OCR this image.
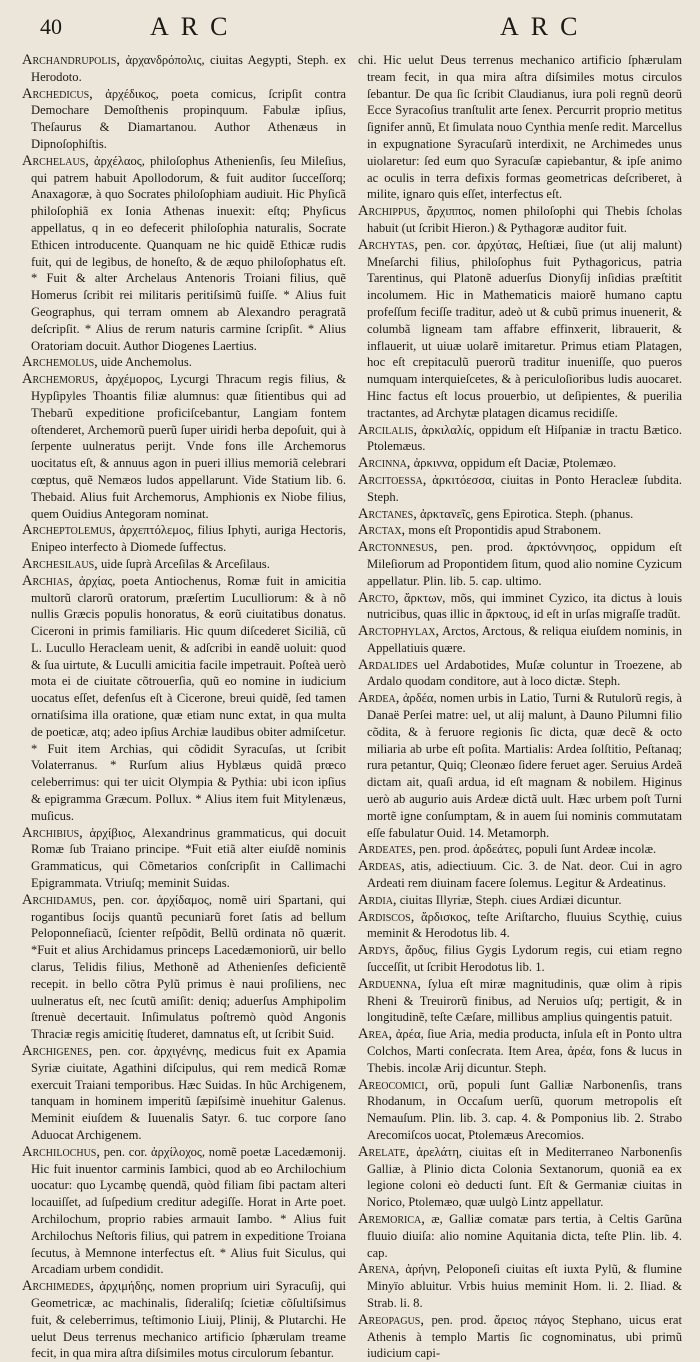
40	ARC	ARC

Archandrupolis, ἀρχανδρόπολις, ciuitas Aegypti, Steph. ex Herodoto.

Archedicus, ἀρχέδικος, poeta comicus, ſcripſit contra Demochare Demoſthenis propinquum. Fabulæ ipſius, Theſaurus & Diamartanou. Author Athenæus in Dipnoſophiſtis.

Archelaus, ἀρχέλαος, philoſophus Athenienſis, ſeu Mileſius, qui patrem habuit Apollodorum, & fuit auditor ſucceſſorq; Anaxagoræ, à quo Socrates philoſophiam audiuit. Hic Phyſicã philoſophiã ex Ionia Athenas inuexit: eſtq; Phyſicus appellatus, q in eo defecerit philoſophia naturalis, Socrate Ethicen introducente. Quanquam ne hic quidẽ Ethicæ rudis fuit, qui de legibus, de honeſto, & de æquo philoſophatus eſt. * Fuit & alter Archelaus Antenoris Troiani filius, quẽ Homerus ſcribit rei militaris peritiſsimũ fuiſſe. * Alius fuit Geographus, qui terram omnem ab Alexandro peragratã deſcripſit. * Alius de rerum naturis carmine ſcripſit. * Alius Oratoriam docuit. Author Diogenes Laertius.

Archemolus, uide Anchemolus.

Archemorus, ἀρχέμορος, Lycurgi Thracum regis filius, & Hypſipyles Thoantis filiæ alumnus: quæ ſitientibus qui ad Thebarũ expeditione proficiſcebantur, Langiam fontem oſtenderet, Archemorũ puerũ ſuper uiridi herba depoſuit, qui à ſerpente uulneratus perijt. Vnde fons ille Archemorus uocitatus eſt, & annuus agon in pueri illius memoriã celebrari cœptus, quẽ Nemæos ludos appellarunt. Vide Statium lib. 6. Thebaid. Alius fuit Archemorus, Amphionis ex Niobe filius, quem Ouidius Antegoram nominat.

Archeptolemus, ἀρχεπτόλεμος, filius Iphyti, auriga Hectoris, Enipeo interfecto à Diomede ſuffectus.

Archeſilaus, uide ſuprà Arceſilas & Arceſilaus.

Archias, ἀρχίας, poeta Antiochenus, Romæ fuit in amicitia multorũ clarorũ oratorum, præſertim Luculliorum: & à nõ nullis Græcis populis honoratus, & eorũ ciuitatibus donatus. Ciceroni in primis familiaris. Hic quum diſcederet Siciliã, cũ L. Lucullo Heracleam uenit, & adſcribi in eandẽ uoluit: quod & ſua uirtute, & Luculli amicitia facile impetrauit. Poſteà uerò mota ei de ciuitate cõtrouerſia, quũ eo nomine in iudicium uocatus eſſet, defenſus eſt à Cicerone, breui quidẽ, ſed tamen ornatiſsima illa oratione, quæ etiam nunc extat, in qua multa de poeticæ, atq; adeo ipſius Archiæ laudibus obiter admiſcetur. * Fuit item Archias, qui cõdidit Syracuſas, ut ſcribit Volaterranus. * Rurſum alius Hyblæus quidã prœco celeberrimus: qui ter uicit Olympia & Pythia: ubi icon ipſius & epigramma Græcum. Pollux. * Alius item fuit Mitylenæus, muſicus.

Archibius, ἀρχίβιος, Alexandrinus grammaticus, qui docuit Romæ ſub Traiano principe. *Fuit etiã alter eiuſdẽ nominis Grammaticus, qui Cõmetarios conſcripſit in Callimachi Epigrammata. Vtriuſq; meminit Suidas.

Archidamus, pen. cor. ἀρχίδαμος, nomẽ uiri Spartani, qui rogantibus ſocijs quantũ pecuniarũ foret ſatis ad bellum Peloponneſiacũ, ſcienter reſpõdit, Bellũ ordinata nõ quærit. *Fuit et alius Archidamus princeps Lacedæmoniorũ, uir bello clarus, Telidis filius, Methonẽ ad Athenienſes deficientẽ recepit. in bello cõtra Pylũ primus è naui proſiliens, nec uulneratus eſt, nec ſcutũ amiſit: deniq; aduerſus Amphipolim ſtrenuè decertauit. Inſimulatus poſtremò quòd Angonis Thraciæ regis amicitię ſtuderet, damnatus eſt, ut ſcribit Suid.

Archigenes, pen. cor. ἀρχιγένης, medicus fuit ex Apamia Syriæ ciuitate, Agathini diſcipulus, qui rem medicã Romæ exercuit Traiani temporibus. Hæc Suidas. In hũc Archigenem, tanquam in hominem imperitũ ſæpiſsimè inuehitur Galenus. Meminit eiuſdem & Iuuenalis Satyr. 6. tuc corpore ſano Aduocat Archigenem.

Archilochus, pen. cor. ἀρχίλοχος, nomẽ poetæ Lacedæmonij. Hic fuit inuentor carminis Iambici, quod ab eo Archilochium uocatur: quo Lycambę quendã, quòd filiam ſibi pactam alteri locauiſſet, ad ſuſpedium creditur adegiſſe. Horat in Arte poet. Archilochum, proprio rabies armauit Iambo. * Alius fuit Archilochus Neſtoris filius, qui patrem in expeditione Troiana ſecutus, à Memnone interfectus eſt. * Alius fuit Siculus, qui Arcadiam urbem condidit.

Archimedes, ἀρχιμήδης, nomen proprium uiri Syracuſij, qui Geometricæ, ac machinalis, ſideraliſq; ſcietiæ cõſultiſsimus fuit, & celeberrimus, teſtimonio Liuij, Plinij, & Plutarchi. He uelut Deus terrenus mechanico artificio ſphærulam treame fecit, in qua mira aſtra diſsimiles motus circulorum ſebantur.

chi. Hic uelut Deus terrenus mechanico artificio ſphærulam tream fecit, in qua mira aſtra diſsimiles motus circulos ſebantur. De qua ſic ſcribit Claudianus, iura poli regnũ deorũ Ecce Syracoſius tranſtulit arte ſenex. Percurrit proprio metitus ſignifer annũ, Et ſimulata nouo Cynthia menſe redit. Marcellus in expugnatione Syracuſarũ interdixit, ne Archimedes unus uiolaretur: ſed eum quo Syracuſæ capiebantur, & ipſe animo ac oculis in terra defixis formas geometricas deſcriberet, à milite, ignaro quis eſſet, interfectus eſt.

Archippus, ἄρχιππος, nomen philoſophi qui Thebis ſcholas habuit (ut ſcribit Hieron.) & Pythagoræ auditor fuit.

Archytas, pen. cor. ἀρχύτας, Heſtiæi, ſiue (ut alij malunt) Mneſarchi filius, philoſophus fuit Pythagoricus, patria Tarentinus, qui Platonẽ aduerſus Dionyſij inſidias præſtitit incolumem. Hic in Mathematicis maiorẽ humano captu profeſſum feciſſe traditur, adeò ut & cubũ primus inuenerit, & columbã ligneam tam affabre effinxerit, librauerit, & inflauerit, ut uiuæ uolarẽ imitaretur. Primus etiam Platagen, hoc eſt crepitaculũ puerorũ traditur inueniſſe, quo pueros numquam interquieſcetes, & à periculoſioribus ludis auocaret. Hinc factus eſt locus prouerbio, ut deſipientes, & puerilia tractantes, ad Archytæ platagen dicamus recidiſſe.

Arcilalis, ἀρκιλαλίς, oppidum eſt Hiſpaniæ in tractu Bætico. Ptolemæus.

Arcinna, ἀρκιννα, oppidum eſt Daciæ, Ptolemæo.

Arcitoeſſa, ἀρκιτόεσσα, ciuitas in Ponto Heracleæ ſubdita. Steph.

Arctanes, ἀρκτανεῖς, gens Epirotica. Steph. (phanus.

Arctax, mons eſt Propontidis apud Strabonem.

Arctonneſus, pen. prod. ἀρκτόννησος, oppidum eſt Mileſiorum ad Propontidem ſitum, quod alio nomine Cyzicum appellatur. Plin. lib. 5. cap. ultimo.

Arcto, ἄρκτων, mõs, qui imminet Cyzico, ita dictus à louis nutricibus, quas illic in ἄρκτους, id eſt in urſas migraſſe tradũt.

Arctophylax, Arctos, Arctous, & reliqua eiuſdem nominis, in Appellatiuis quære.

Ardalides uel Ardabotides, Muſæ coluntur in Troezene, ab Ardalo quodam conditore, aut à loco dictæ. Steph.

Ardea, ἀρδέα, nomen urbis in Latio, Turni & Rutulorũ regis, à Danaë Perſei matre: uel, ut alij malunt, à Dauno Pilumni filio cõdita, & à feruore regionis ſic dicta, quæ decẽ & octo miliaria ab urbe eſt poſita. Martialis: Ardea ſolſtitio, Peſtanaq; rura petantur, Quiq; Cleonæo ſidere feruet ager. Seruius Ardeã dictam ait, quaſi ardua, id eſt magnam & nobilem. Higinus uerò ab augurio auis Ardeæ dictã uult. Hæc urbem poſt Turni mortẽ igne conſumptam, & in auem ſui nominis commutatam eſſe fabulatur Ouid. 14. Metamorph.

Ardeates, pen. prod. ἀρδεάτες, populi ſunt Ardeæ incolæ.

Ardeas, atis, adiectiuum. Cic. 3. de Nat. deor. Cui in agro Ardeati rem diuinam facere ſolemus. Legitur & Ardeatinus.

Ardia, ciuitas Illyriæ, Steph. ciues Ardiæi dicuntur.

Ardiſcos, ἄρδισκος, teſte Ariſtarcho, fluuius Scythię, cuius meminit & Herodotus lib. 4.

Ardys, ἄρδυς, filius Gygis Lydorum regis, cui etiam regno ſucceſſit, ut ſcribit Herodotus lib. 1.

Arduenna, ſylua eſt miræ magnitudinis, quæ olim à ripis Rheni & Treuirorũ finibus, ad Neruios uſq; pertigit, & in longitudinẽ, teſte Cæſare, millibus amplius quingentis patuit.

Area, ἀρέα, ſiue Aria, media producta, inſula eſt in Ponto ultra Colchos, Marti conſecrata. Item Area, ἀρέα, fons & lucus in Thebis. incolæ Arij dicuntur. Steph.

Areocomici, orũ, populi ſunt Galliæ Narbonenſis, trans Rhodanum, in Occaſum uerſũ, quorum metropolis eſt Nemauſum. Plin. lib. 3. cap. 4. & Pomponius lib. 2. Strabo Arecomiſcos uocat, Ptolemæus Arecomios.

Arelate, ἀρελάτη, ciuitas eſt in Mediterraneo Narbonenſis Galliæ, à Plinio dicta Colonia Sextanorum, quoniã ea ex legione coloni eò deducti ſunt. Eſt & Germaniæ ciuitas in Norico, Ptolemæo, quæ uulgò Lintz appellatur.

Aremorica, æ, Galliæ comatæ pars tertia, à Celtis Garũna fluuio diuiſa: alio nomine Aquitania dicta, teſte Plin. lib. 4. cap.

Arena, ἀρήνη, Peloponeſi ciuitas eſt iuxta Pylũ, & flumine Minyïo abluitur. Vrbis huius meminit Hom. li. 2. Iliad. & Strab. li. 8.

Areopagus, pen. prod. ἄρειος πάγος Stephano, uicus erat Athenis à templo Martis ſic cognominatus, ubi primũ iudicium capi-
